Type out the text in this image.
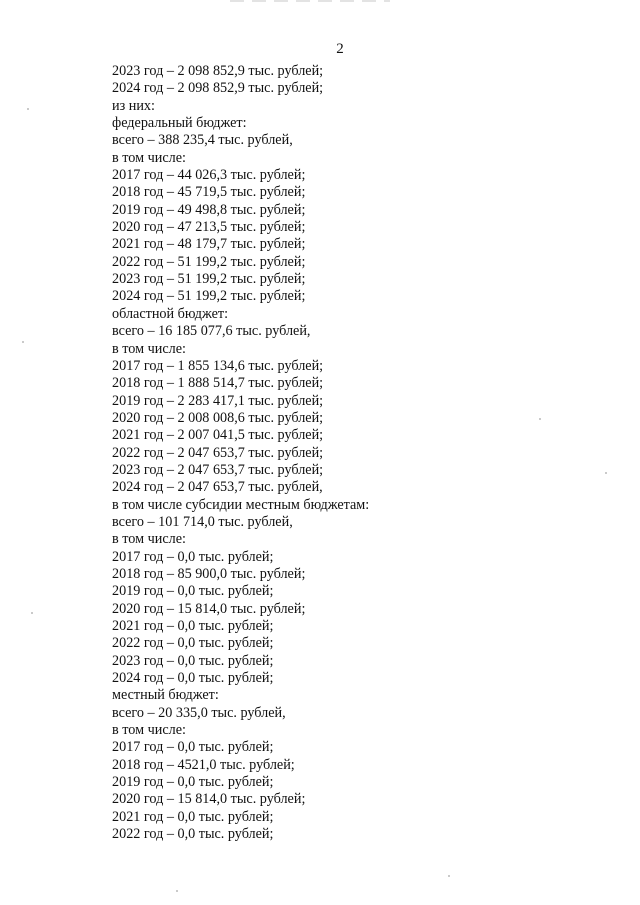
2
2023 год – 2 098 852,9 тыс. рублей;
2024 год – 2 098 852,9 тыс. рублей;
из них:
федеральный бюджет:
всего – 388 235,4 тыс. рублей,
в том числе:
2017 год – 44 026,3 тыс. рублей;
2018 год – 45 719,5 тыс. рублей;
2019 год – 49 498,8 тыс. рублей;
2020 год – 47 213,5 тыс. рублей;
2021 год – 48 179,7 тыс. рублей;
2022 год – 51 199,2 тыс. рублей;
2023 год – 51 199,2 тыс. рублей;
2024 год – 51 199,2 тыс. рублей;
областной бюджет:
всего – 16 185 077,6 тыс. рублей,
в том числе:
2017 год – 1 855 134,6 тыс. рублей;
2018 год – 1 888 514,7 тыс. рублей;
2019 год – 2 283 417,1 тыс. рублей;
2020 год – 2 008 008,6 тыс. рублей;
2021 год – 2 007 041,5 тыс. рублей;
2022 год – 2 047 653,7 тыс. рублей;
2023 год – 2 047 653,7 тыс. рублей;
2024 год – 2 047 653,7 тыс. рублей,
в том числе субсидии местным бюджетам:
всего – 101 714,0 тыс. рублей,
в том числе:
2017 год – 0,0 тыс. рублей;
2018 год – 85 900,0 тыс. рублей;
2019 год – 0,0 тыс. рублей;
2020 год – 15 814,0 тыс. рублей;
2021 год – 0,0 тыс. рублей;
2022 год – 0,0 тыс. рублей;
2023 год – 0,0 тыс. рублей;
2024 год – 0,0 тыс. рублей;
местный бюджет:
всего – 20 335,0 тыс. рублей,
в том числе:
2017 год – 0,0 тыс. рублей;
2018 год – 4521,0 тыс. рублей;
2019 год – 0,0 тыс. рублей;
2020 год – 15 814,0 тыс. рублей;
2021 год – 0,0 тыс. рублей;
2022 год – 0,0 тыс. рублей;
